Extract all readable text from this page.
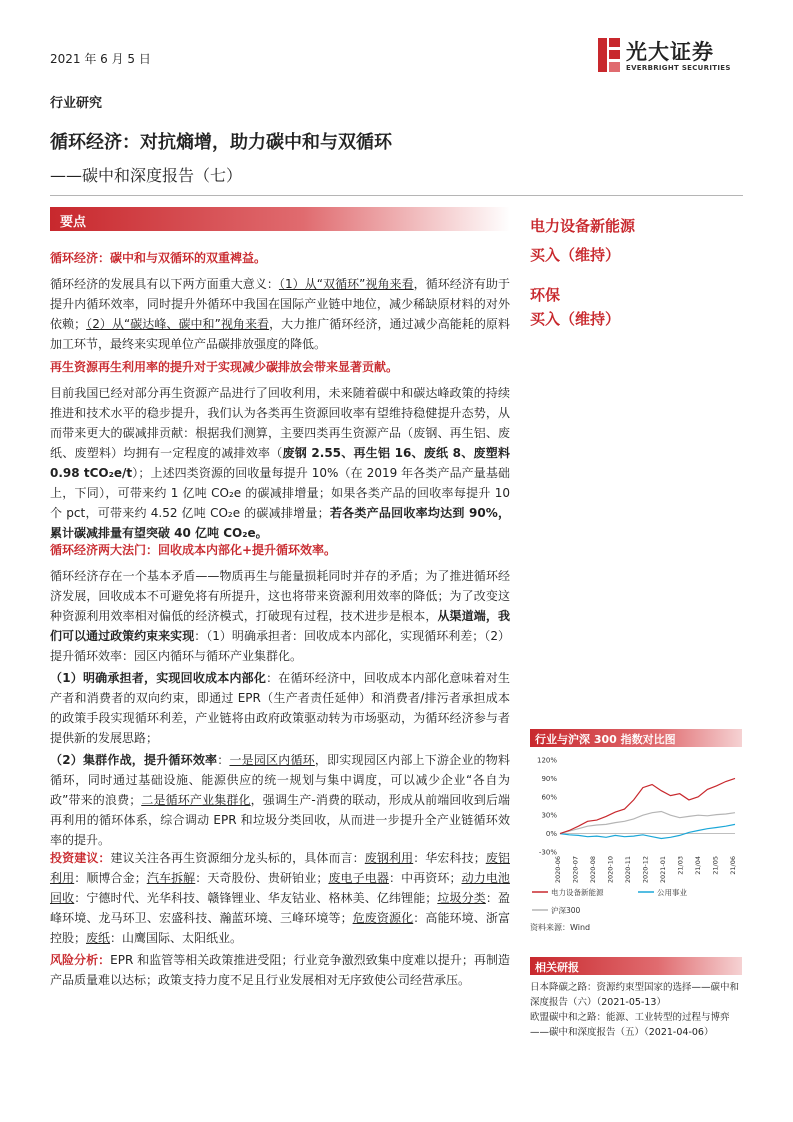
2021 年 6 月 5 日	光大证券
EVERBRIGHT SECURITIES
行业研究
循环经济：对抗熵增，助力碳中和与双循环
——碳中和深度报告（七）
要点
循环经济：碳中和与双循环的双重裨益。
循环经济的发展具有以下两方面重大意义：（1）从“双循环”视角来看，循环经济有助于提升内循环效率，同时提升外循环中我国在国际产业链中地位，减少稀缺原材料的对外依赖；（2）从“碳达峰、碳中和”视角来看，大力推广循环经济，通过减少高能耗的原料加工环节，最终来实现单位产品碳排放强度的降低。
再生资源再生利用率的提升对于实现减少碳排放会带来显著贡献。
目前我国已经对部分再生资源产品进行了回收利用，未来随着碳中和碳达峰政策的持续推进和技术水平的稳步提升，我们认为各类再生资源回收率有望维持稳健提升态势，从而带来更大的碳减排贡献：根据我们测算，主要四类再生资源产品（废钢、再生铝、废纸、废塑料）均拥有一定程度的减排效率（废钢 2.55、再生铝 16、废纸 8、废塑料 0.98 tCO₂e/t）；上述四类资源的回收量每提升 10%（在 2019 年各类产品产量基础上，下同），可带来约 1 亿吨 CO₂e 的碳减排增量；如果各类产品的回收率每提升 10 个 pct，可带来约 4.52 亿吨 CO₂e 的碳减排增量；若各类产品回收率均达到 90%，累计碳减排量有望突破 40 亿吨 CO₂e。
循环经济两大法门：回收成本内部化+提升循环效率。
循环经济存在一个基本矛盾——物质再生与能量损耗同时并存的矛盾；为了推进循环经济发展，回收成本不可避免将有所提升，这也将带来资源利用效率的降低；为了改变这种资源利用效率相对偏低的经济模式，打破现有过程，技术进步是根本，从渠道端，我们可以通过政策约束来实现：（1）明确承担者：回收成本内部化，实现循环利差；（2）提升循环效率：园区内循环与循环产业集群化。
（1）明确承担者，实现回收成本内部化：在循环经济中，回收成本内部化意味着对生产者和消费者的双向约束，即通过 EPR（生产者责任延伸）和消费者/排污者承担成本的政策手段实现循环利差，产业链将由政府政策驱动转为市场驱动，为循环经济参与者提供新的发展思路；
（2）集群作战，提升循环效率：一是园区内循环，即实现园区内部上下游企业的物料循环，同时通过基础设施、能源供应的统一规划与集中调度，可以减少企业“各自为政”带来的浪费；二是循环产业集群化，强调生产-消费的联动，形成从前端回收到后端再利用的循环体系，综合调动 EPR 和垃圾分类回收，从而进一步提升全产业链循环效率的提升。
投资建议：建议关注各再生资源细分龙头标的，具体而言：废钢利用：华宏科技；废铝利用：顺博合金；汽车拆解：天奇股份、贵研铂业；废电子电器：中再资环；动力电池回收：宁德时代、光华科技、赣锋锂业、华友钴业、格林美、亿纬锂能；垃圾分类：盈峰环境、龙马环卫、宏盛科技、瀚蓝环境、三峰环境等；危废资源化：高能环境、浙富控股；废纸：山鹰国际、太阳纸业。
风险分析：EPR 和监管等相关政策推进受阻；行业竞争激烈致集中度难以提升；再制造产品质量难以达标；政策支持力度不足且行业发展相对无序致使公司经营承压。
电力设备新能源
买入（维持）
环保
买入（维持）
行业与沪深 300 指数对比图
120%
90%
60%
30%
0%
-30%
2020-06 2020-07 2020-08 2020-10 2020-11 2020-12 2021-01 21/03 21/04 21/05 21/06
电力设备新能源	公用事业
沪深300
资料来源：Wind
相关研报
日本降碳之路：资源约束型国家的选择——碳中和深度报告（六）（2021-05-13）
欧盟碳中和之路：能源、工业转型的过程与博弈——碳中和深度报告（五）（2021-04-06）
